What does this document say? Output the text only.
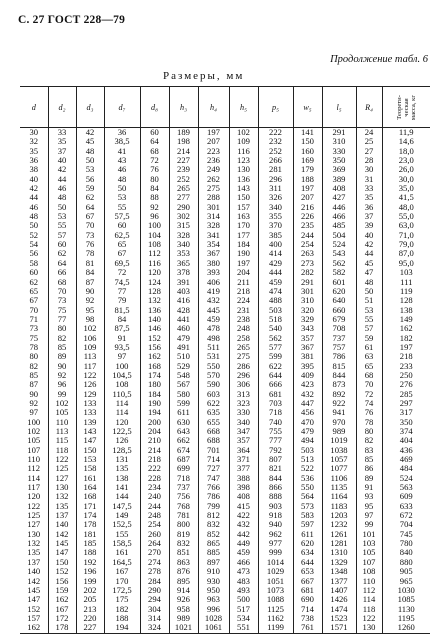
С. 27 ГОСТ 228—79
Продолжение табл. 6
Размеры, мм
d	d₂	d₃	d₇	d₈	h₃	h₄	h₅	p₅	w₅	l₅	R₄	Теорети-
ческая
масса, кг
30	33	42	36	60	189	197	102	222	141	291	24	11,9
32	35	45	38,5	64	198	207	109	232	150	310	25	14,6
35	37	48	41	68	214	223	116	252	160	330	27	18,0
36	40	50	43	72	227	236	123	266	169	350	28	23,0
38	42	53	46	76	239	249	130	281	179	369	30	26,0
40	44	56	48	80	252	262	136	296	188	389	31	30,0
42	46	59	50	84	265	275	143	311	197	408	33	35,0
44	48	62	53	88	277	288	150	326	207	427	35	41,5
46	50	64	55	92	290	301	157	340	216	446	36	48,0
48	53	67	57,5	96	302	314	163	355	226	466	37	55,0
50	55	70	60	100	315	328	170	370	235	485	39	63,0
52	57	73	62,5	104	328	341	177	385	244	504	40	71,0
54	60	76	65	108	340	354	184	400	254	524	42	79,0
56	62	78	67	112	353	367	190	414	263	543	44	87,0
58	64	81	69,5	116	365	380	197	429	273	562	45	95,0
60	66	84	72	120	378	393	204	444	282	582	47	103
62	68	87	74,5	124	391	406	211	459	291	601	48	111
65	70	90	77	128	403	419	218	474	301	620	50	119
67	73	92	79	132	416	432	224	488	310	640	51	128
70	75	95	81,5	136	428	445	231	503	320	660	53	138
71	77	98	84	140	441	459	238	518	329	679	55	149
73	80	102	87,5	146	460	478	248	540	343	708	57	162
75	82	106	91	152	479	498	258	562	357	737	59	182
78	85	109	93,5	156	491	511	265	577	367	757	61	197
80	89	113	97	162	510	531	275	599	381	786	63	218
82	90	117	100	168	529	550	286	622	395	815	65	233
85	92	122	104,5	174	548	570	296	644	409	844	68	250
87	96	126	108	180	567	590	306	666	423	873	70	276
90	99	129	110,5	184	580	603	313	681	432	892	72	285
92	102	133	114	190	599	622	323	703	447	922	74	297
97	105	133	114	194	611	635	330	718	456	941	76	317
100	110	139	120	200	630	655	340	740	470	970	78	350
102	113	143	122,5	204	643	668	347	755	479	989	80	374
105	115	147	126	210	662	688	357	777	494	1019	82	404
107	118	150	128,5	214	674	701	364	792	503	1038	83	436
110	122	153	131	218	687	714	371	807	513	1057	85	469
112	125	158	135	222	699	727	377	821	522	1077	86	484
114	127	161	138	228	718	747	388	844	536	1106	89	524
117	130	164	141	234	737	766	398	866	550	1135	91	563
120	132	168	144	240	756	786	408	888	564	1164	93	609
122	135	171	147,5	244	768	799	415	903	573	1183	95	633
125	137	174	149	248	781	812	422	918	583	1203	97	672
127	140	178	152,5	254	800	832	432	940	597	1232	99	704
130	142	181	155	260	819	852	442	962	611	1261	101	745
132	145	185	158,5	264	832	865	449	977	620	1281	103	780
135	147	188	161	270	851	885	459	999	634	1310	105	840
137	150	192	164,5	274	863	897	466	1014	644	1329	107	880
140	152	196	167	278	876	910	473	1029	653	1348	108	905
142	156	199	170	284	895	930	483	1051	667	1377	110	965
145	159	202	172,5	290	914	950	493	1073	681	1407	112	1030
147	162	205	175	294	926	963	500	1088	690	1426	114	1085
152	167	213	182	304	958	996	517	1125	714	1474	118	1130
157	172	220	188	314	989	1028	534	1162	738	1523	122	1195
162	178	227	194	324	1021	1061	551	1199	761	1571	130	1260
